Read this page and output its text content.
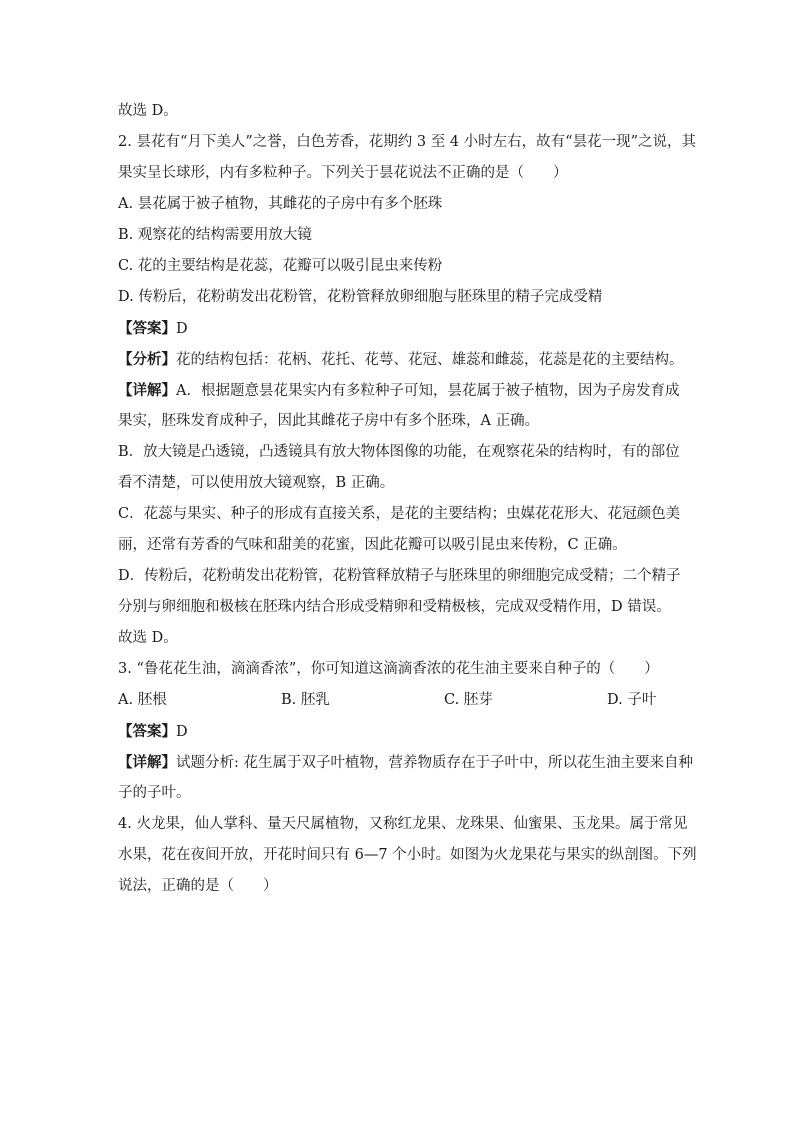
故选 D。
2. 昙花有“月下美人”之誉，白色芳香，花期约 3 至 4 小时左右，故有“昙花一现”之说，其
果实呈长球形，内有多粒种子。下列关于昙花说法不正确的是（　　）
A. 昙花属于被子植物，其雌花的子房中有多个胚珠
B. 观察花的结构需要用放大镜
C. 花的主要结构是花蕊，花瓣可以吸引昆虫来传粉
D. 传粉后，花粉萌发出花粉管，花粉管释放卵细胞与胚珠里的精子完成受精
【答案】D
【分析】花的结构包括：花柄、花托、花萼、花冠、雄蕊和雌蕊，花蕊是花的主要结构。
【详解】A．根据题意昙花果实内有多粒种子可知，昙花属于被子植物，因为子房发育成
果实，胚珠发育成种子，因此其雌花子房中有多个胚珠，A 正确。
B．放大镜是凸透镜，凸透镜具有放大物体图像的功能，在观察花朵的结构时，有的部位
看不清楚，可以使用放大镜观察，B 正确。
C．花蕊与果实、种子的形成有直接关系，是花的主要结构；虫媒花花形大、花冠颜色美
丽，还常有芳香的气味和甜美的花蜜，因此花瓣可以吸引昆虫来传粉，C 正确。
D．传粉后，花粉萌发出花粉管，花粉管释放精子与胚珠里的卵细胞完成受精；二个精子
分别与卵细胞和极核在胚珠内结合形成受精卵和受精极核，完成双受精作用，D 错误。
故选 D。
3. “鲁花花生油，滴滴香浓”，你可知道这滴滴香浓的花生油主要来自种子的（　　）
A. 胚根	B. 胚乳	C. 胚芽	D. 子叶
【答案】D
【详解】试题分析: 花生属于双子叶植物，营养物质存在于子叶中，所以花生油主要来自种
子的子叶。
4. 火龙果，仙人掌科、量天尺属植物，又称红龙果、龙珠果、仙蜜果、玉龙果。属于常见
水果，花在夜间开放，开花时间只有 6—7 个小时。如图为火龙果花与果实的纵剖图。下列
说法，正确的是（　　）
